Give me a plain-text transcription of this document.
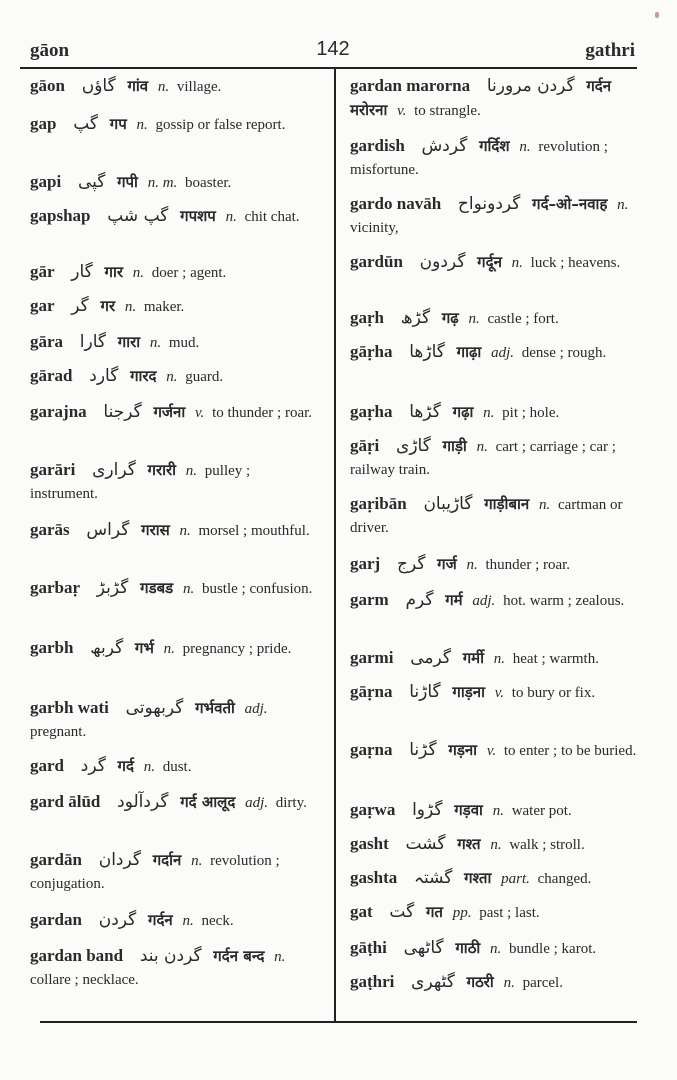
gāon	142	gathri
gāon گاؤں गांव n. village.
gap گپ गप n. gossip or false report.
gapi گپی गपी n. m. boaster.
gapshap گپ شپ गपशप n. chit chat.
gār گار गार n. doer ; agent.
gar گر गर n. maker.
gāra گارا गारा n. mud.
gārad گارد गारद n. guard.
garajna گرجنا गर्जना v. to thunder ; roar.
garāri گراری गरारी n. pulley ; instrument.
garās گراس गरास n. morsel ; mouthful.
garbaṛ گڑبڑ गडबड n. bustle ; confusion.
garbh گربھ गर्भ n. pregnancy ; pride.
garbh wati گربھوتی गर्भवती adj. pregnant.
gard گرد गर्द n. dust.
gard ālūd گردآلود गर्द आलूद adj. dirty.
gardān گردان गर्दान n. revolution ; conjugation.
gardan گردن गर्दन n. neck.
gardan band گردن بند गर्दन बन्द n. collare ; necklace.
gardan marorna گردن مرورنا गर्दन मरोरना v. to strangle.
gardish گردش गर्दिश n. revolution ; misfortune.
gardo navāh گردونواح गर्द–ओ–नवाह n. vicinity,
gardūn گردون गर्दून n. luck ; heavens.
gaṛh گڑھ गढ़ n. castle ; fort.
gāṛha گاڑھا गाढ़ा adj. dense ; rough.
gaṛha گڑھا गढ़ा n. pit ; hole.
gāṛi گاڑی गाड़ी n. cart ; carriage ; car ; railway train.
gaṛibān گاڑیبان गाड़ीबान n. cartman or driver.
garj گرج गर्ज n. thunder ; roar.
garm گرم गर्म adj. hot. warm ; zealous.
garmi گرمی गर्मी n. heat ; warmth.
gāṛna گاڑنا गाड़ना v. to bury or fix.
gaṛna گڑنا गड़ना v. to enter ; to be buried.
gaṛwa گڑوا गड़वा n. water pot.
gasht گشت गश्त n. walk ; stroll.
gashta گشتہ गश्ता part. changed.
gat گت गत pp. past ; last.
gāṭhi گاٹھی गाठी n. bundle ; karot.
gaṭhri گٹھری गठरी n. parcel.
